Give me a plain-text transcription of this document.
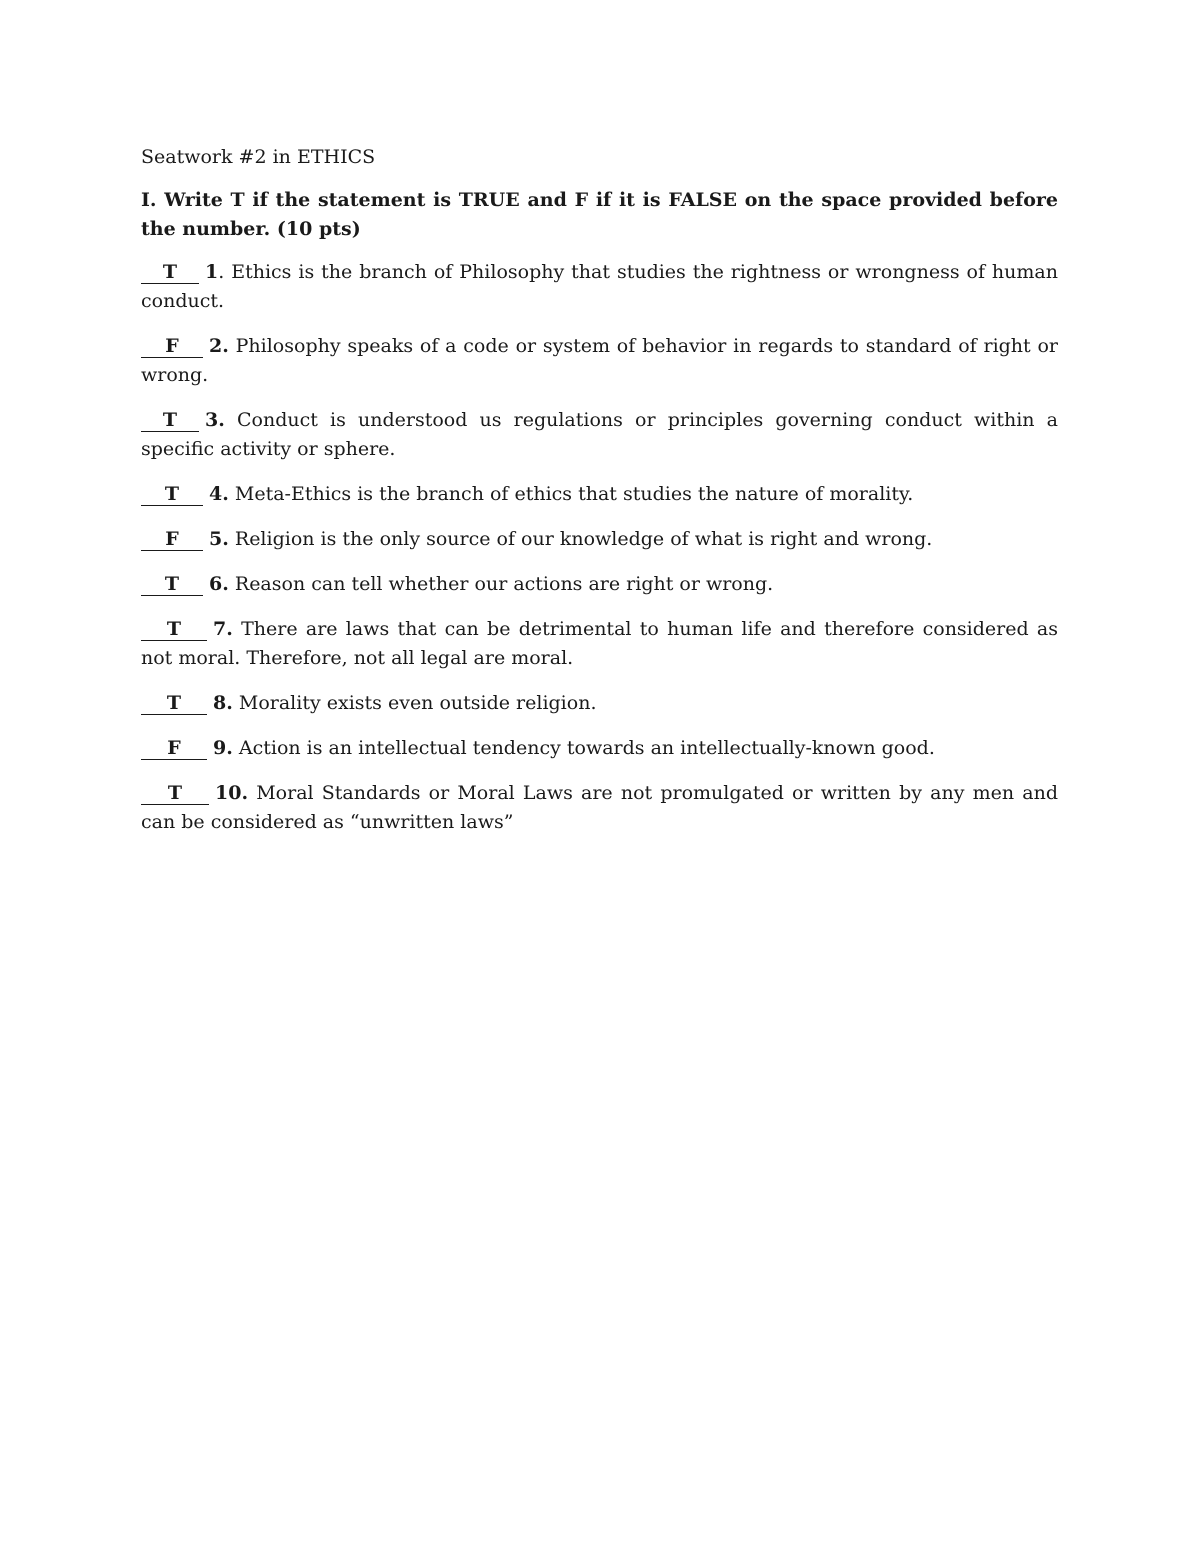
Seatwork #2 in ETHICS

I. Write T if the statement is TRUE and F if it is FALSE on the space provided before the number. (10 pts)

T 1. Ethics is the branch of Philosophy that studies the rightness or wrongness of human conduct.

F 2. Philosophy speaks of a code or system of behavior in regards to standard of right or wrong.

T 3. Conduct is understood us regulations or principles governing conduct within a specific activity or sphere.

T 4. Meta-Ethics is the branch of ethics that studies the nature of morality.

F 5. Religion is the only source of our knowledge of what is right and wrong.

T 6. Reason can tell whether our actions are right or wrong.

T 7. There are laws that can be detrimental to human life and therefore considered as not moral. Therefore, not all legal are moral.

T 8. Morality exists even outside religion.

F 9. Action is an intellectual tendency towards an intellectually-known good.

T 10. Moral Standards or Moral Laws are not promulgated or written by any men and can be considered as “unwritten laws”
